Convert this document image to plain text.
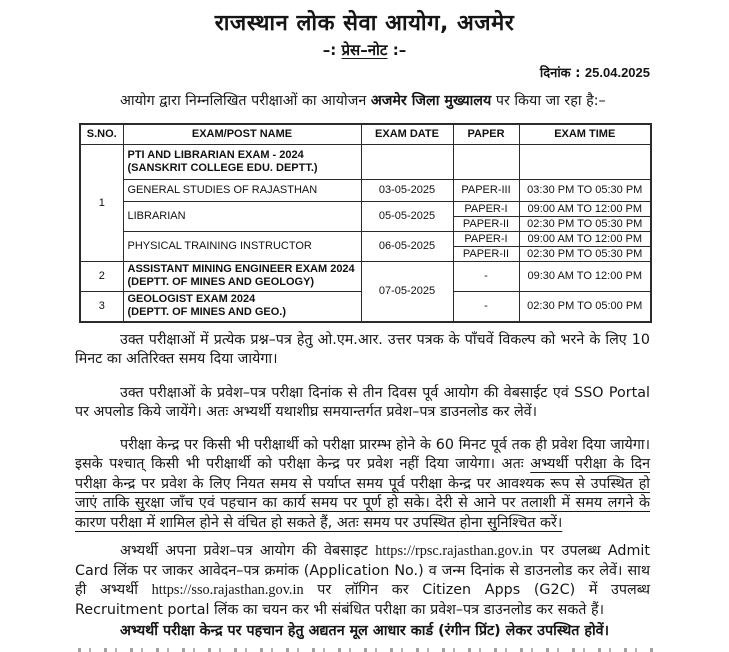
राजस्थान लोक सेवा आयोग, अजमेर
–: प्रेस–नोट :–
दिनांक : 25.04.2025

आयोग द्वारा निम्नलिखित परीक्षाओं का आयोजन अजमेर जिला मुख्यालय पर किया जा रहा है:–

S.NO.	EXAM/POST NAME	EXAM DATE	PAPER	EXAM TIME
1	PTI AND LIBRARIAN EXAM - 2024
(SANSKRIT COLLEGE EDU. DEPTT.)			

	GENERAL STUDIES OF RAJASTHAN	03-05-2025	PAPER-III	03:30 PM TO 05:30 PM
	LIBRARIAN	05-05-2025	PAPER-I	09:00 AM TO 12:00 PM
			PAPER-II	02:30 PM TO 05:30 PM
	PHYSICAL TRAINING INSTRUCTOR	06-05-2025	PAPER-I	09:00 AM TO 12:00 PM
			PAPER-II	02:30 PM TO 05:30 PM
2	ASSISTANT MINING ENGINEER EXAM 2024
(DEPTT. OF MINES AND GEOLOGY)	07-05-2025	-	09:30 AM TO 12:00 PM
3	GEOLOGIST EXAM 2024
(DEPTT. OF MINES AND GEO.)		-	02:30 PM TO 05:00 PM

उक्त परीक्षाओं में प्रत्येक प्रश्न–पत्र हेतु ओ.एम.आर. उत्तर पत्रक के पाँचवें विकल्प को भरने के लिए 10 मिनट का अतिरिक्त समय दिया जायेगा।

उक्त परीक्षाओं के प्रवेश–पत्र परीक्षा दिनांक से तीन दिवस पूर्व आयोग की वेबसाईट एवं SSO Portal पर अपलोड किये जायेंगे। अतः अभ्यर्थी यथाशीघ्र समयान्तर्गत प्रवेश–पत्र डाउनलोड कर लेवें।

परीक्षा केन्द्र पर किसी भी परीक्षार्थी को परीक्षा प्रारम्भ होने के 60 मिनट पूर्व तक ही प्रवेश दिया जायेगा। इसके पश्चात् किसी भी परीक्षार्थी को परीक्षा केन्द्र पर प्रवेश नहीं दिया जायेगा। अतः अभ्यर्थी परीक्षा के दिन परीक्षा केन्द्र पर प्रवेश के लिए नियत समय से पर्याप्त समय पूर्व परीक्षा केन्द्र पर आवश्यक रूप से उपस्थित हो जाएं ताकि सुरक्षा जाँच एवं पहचान का कार्य समय पर पूर्ण हो सके। देरी से आने पर तलाशी में समय लगने के कारण परीक्षा में शामिल होने से वंचित हो सकते हैं, अतः समय पर उपस्थित होना सुनिश्चित करें।

अभ्यर्थी अपना प्रवेश–पत्र आयोग की वेबसाइट https://rpsc.rajasthan.gov.in पर उपलब्ध Admit Card लिंक पर जाकर आवेदन–पत्र क्रमांक (Application No.) व जन्म दिनांक से डाउनलोड कर लेवें। साथ ही अभ्यर्थी https://sso.rajasthan.gov.in पर लॉगिन कर Citizen Apps (G2C) में उपलब्ध Recruitment portal लिंक का चयन कर भी संबंधित परीक्षा का प्रवेश–पत्र डाउनलोड कर सकते हैं।

अभ्यर्थी परीक्षा केन्द्र पर पहचान हेतु अद्यतन मूल आधार कार्ड (रंगीन प्रिंट) लेकर उपस्थित होवें।
